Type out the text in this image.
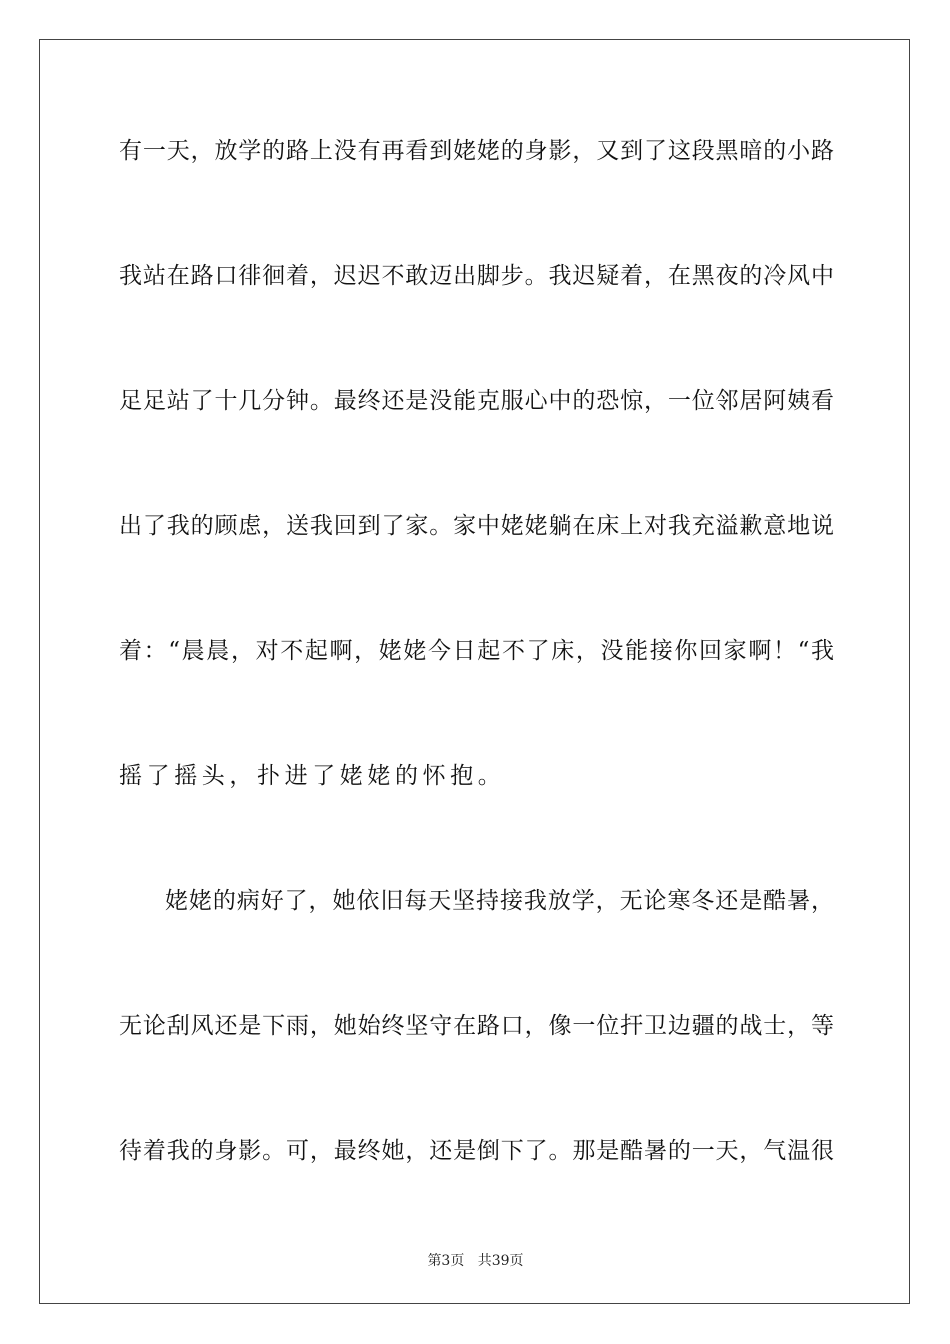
有一天，放学的路上没有再看到姥姥的身影，又到了这段黑暗的小路
我站在路口徘徊着，迟迟不敢迈出脚步。我迟疑着，在黑夜的冷风中
足足站了十几分钟。最终还是没能克服心中的恐惊，一位邻居阿姨看
出了我的顾虑，送我回到了家。家中姥姥躺在床上对我充溢歉意地说
着：“晨晨，对不起啊，姥姥今日起不了床，没能接你回家啊！“我
摇了摇头，扑进了姥姥的怀抱。
姥姥的病好了，她依旧每天坚持接我放学，无论寒冬还是酷暑，
无论刮风还是下雨，她始终坚守在路口，像一位扞卫边疆的战士，等
待着我的身影。可，最终她，还是倒下了。那是酷暑的一天，气温很
第3页 共39页
